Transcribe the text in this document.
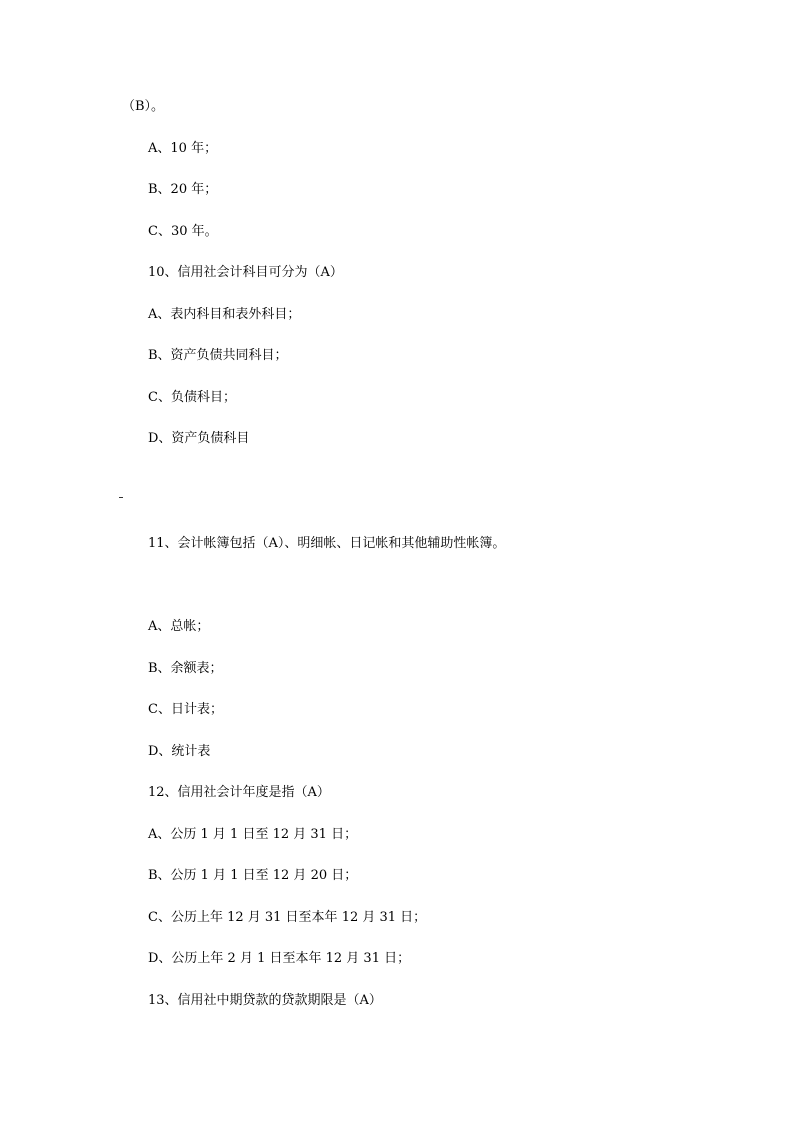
（B）。
A、10 年；
B、20 年；
C、30 年。
10、信用社会计科目可分为（A）
A、表内科目和表外科目；
B、资产负债共同科目；
C、负债科目；
D、资产负债科目
11、会计帐簿包括（A）、明细帐、日记帐和其他辅助性帐簿。
A、总帐；
B、余额表；
C、日计表；
D、统计表
12、信用社会计年度是指（A）
A、公历 1 月 1 日至 12 月 31 日；
B、公历 1 月 1 日至 12 月 20 日；
C、公历上年 12 月 31 日至本年 12 月 31 日；
D、公历上年 2 月 1 日至本年 12 月 31 日；
13、信用社中期贷款的贷款期限是（A）
